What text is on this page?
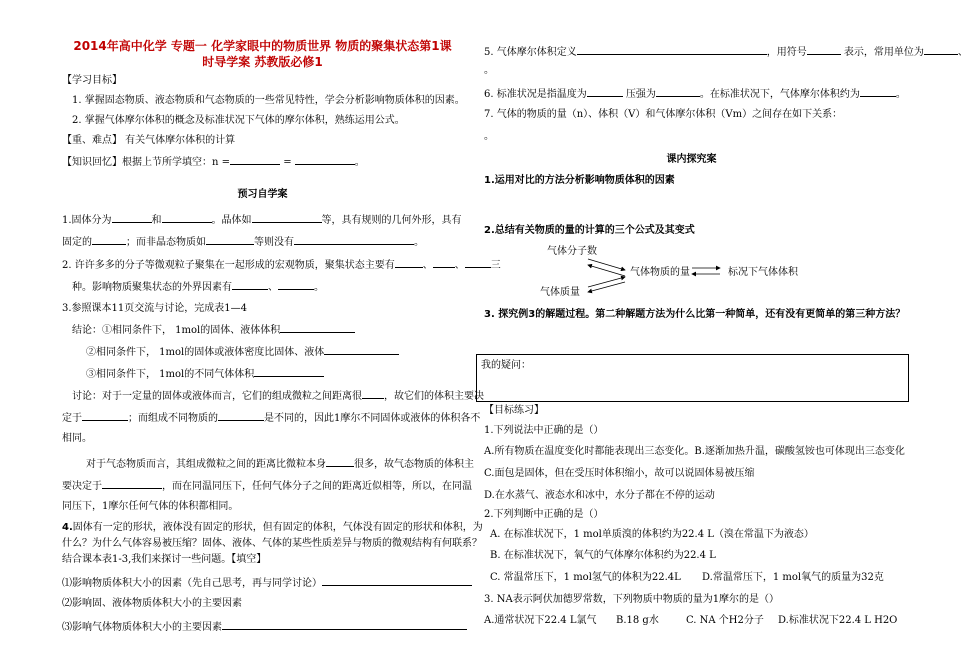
2014年高中化学 专题一 化学家眼中的物质世界 物质的聚集状态第1课
时导学案 苏教版必修1
【学习目标】
1. 掌握固态物质、液态物质和气态物质的一些常见特性，学会分析影响物质体积的因素。
2. 掌握气体摩尔体积的概念及标准状况下气体的摩尔体积，熟练运用公式。
【重、难点】 有关气体摩尔体积的计算
【知识回忆】根据上节所学填空：n =	=	。
预习自学案
1.固体分为	和	。晶体如	等，具有规则的几何外形，具有
固定的	；而非晶态物质如	等则没有	。
2. 许许多多的分子等微观粒子聚集在一起形成的宏观物质，聚集状态主要有	、 、	三
种。影响物质聚集状态的外界因素有	、	。
3.参照课本11页交流与讨论，完成表1—4
结论：①相同条件下， 1mol的固体、液体体积
②相同条件下， 1mol的固体或液体密度比固体、液体
③相同条件下， 1mol的不同气体体积
讨论：对于一定量的固体或液体而言，它们的组成微粒之间距离很 ，故它们的体积主要决
定于	；而组成不同物质的	是不同的，因此1摩尔不同固体或液体的体积各不
相同。
对于气态物质而言，其组成微粒之间的距离比微粒本身	很多，故气态物质的体积主
要决定于	，而在同温同压下，任何气体分子之间的距离近似相等，所以，在同温
同压下，1摩尔任何气体的体积都相同。
4.固体有一定的形状，液体没有固定的形状，但有固定的体积，气体没有固定的形状和体积，为
什么？为什么气体容易被压缩？固体、液体、气体的某些性质差异与物质的微观结构有何联系？
结合课本表1-3,我们来探讨一些问题。【填空】
⑴影响物质体积大小的因素（先自己思考，再与同学讨论）
⑵影响固、液体物质体积大小的主要因素
⑶影响气体物质体积大小的主要因素
5. 气体摩尔体积定义	，用符号	表示，常用单位为	、
。
6. 标准状况是指温度为	压强为	。在标准状况下，气体摩尔体积约为	。
7. 气体的物质的量（n）、体积（V）和气体摩尔体积（Vm）之间存在如下关系：
。
课内探究案
1.运用对比的方法分析影响物质体积的因素
2.总结有关物质的量的计算的三个公式及其变式
气体分子数
气体物质的量	标况下气体体积
气体质量
3. 探究例3的解题过程。第二种解题方法为什么比第一种简单，还有没有更简单的第三种方法？
我的疑问：
【目标练习】
1.下列说法中正确的是（）
A.所有物质在温度变化时都能表现出三态变化。B.逐渐加热升温，碳酸氢铵也可体现出三态变化
C.面包是固体，但在受压时体积缩小，故可以说固体易被压缩
D.在水蒸气、液态水和冰中，水分子都在不停的运动
2.下列判断中正确的是（）
A. 在标准状况下，1 mol单质溴的体积约为22.4 L（溴在常温下为液态）
B. 在标准状况下，氧气的气体摩尔体积约为22.4 L
C. 常温常压下，1 mol氢气的体积为22.4L D.常温常压下，1 mol氧气的质量为32克
3. NA表示阿伏加德罗常数，下列物质中物质的量为1摩尔的是（）
A.通常状况下22.4 L氯气 B.18 g水	C. NA 个H2分子 D.标准状况下22.4 L H2O
